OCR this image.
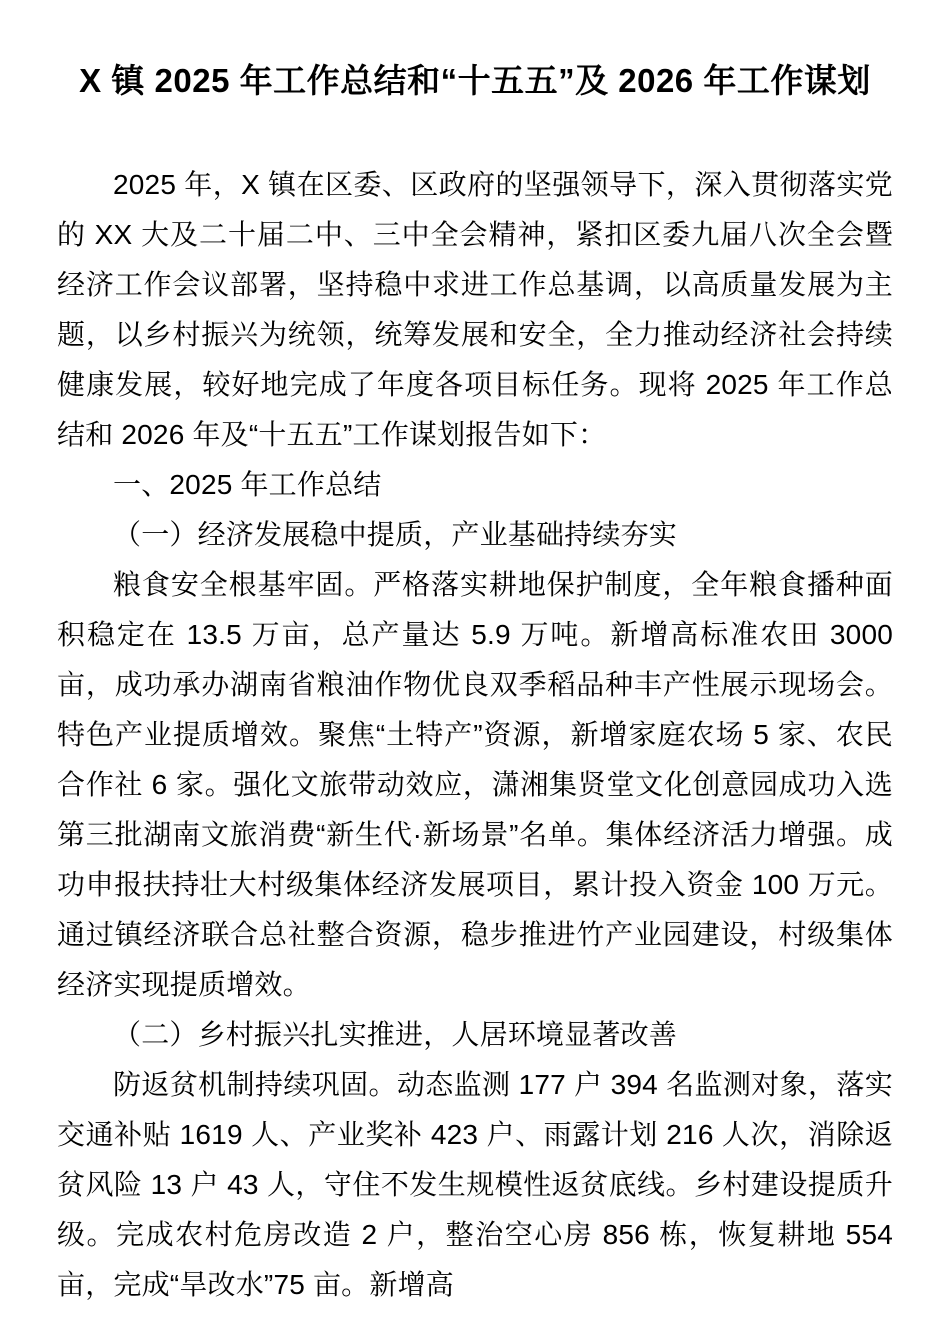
X 镇 2025 年工作总结和“十五五”及 2026 年工作谋划

2025 年，X 镇在区委、区政府的坚强领导下，深入贯彻落实党的 XX 大及二十届二中、三中全会精神，紧扣区委九届八次全会暨经济工作会议部署，坚持稳中求进工作总基调，以高质量发展为主题，以乡村振兴为统领，统筹发展和安全，全力推动经济社会持续健康发展，较好地完成了年度各项目标任务。现将 2025 年工作总结和 2026 年及“十五五”工作谋划报告如下：

一、2025 年工作总结

（一）经济发展稳中提质，产业基础持续夯实

粮食安全根基牢固。严格落实耕地保护制度，全年粮食播种面积稳定在 13.5 万亩，总产量达 5.9 万吨。新增高标准农田 3000 亩，成功承办湖南省粮油作物优良双季稻品种丰产性展示现场会。特色产业提质增效。聚焦“土特产”资源，新增家庭农场 5 家、农民合作社 6 家。强化文旅带动效应，潇湘集贤堂文化创意园成功入选第三批湖南文旅消费“新生代·新场景”名单。集体经济活力增强。成功申报扶持壮大村级集体经济发展项目，累计投入资金 100 万元。通过镇经济联合总社整合资源，稳步推进竹产业园建设，村级集体经济实现提质增效。

（二）乡村振兴扎实推进，人居环境显著改善

防返贫机制持续巩固。动态监测 177 户 394 名监测对象，落实交通补贴 1619 人、产业奖补 423 户、雨露计划 216 人次，消除返贫风险 13 户 43 人，守住不发生规模性返贫底线。乡村建设提质升级。完成农村危房改造 2 户，整治空心房 856 栋，恢复耕地 554 亩，完成“旱改水”75 亩。新增高
